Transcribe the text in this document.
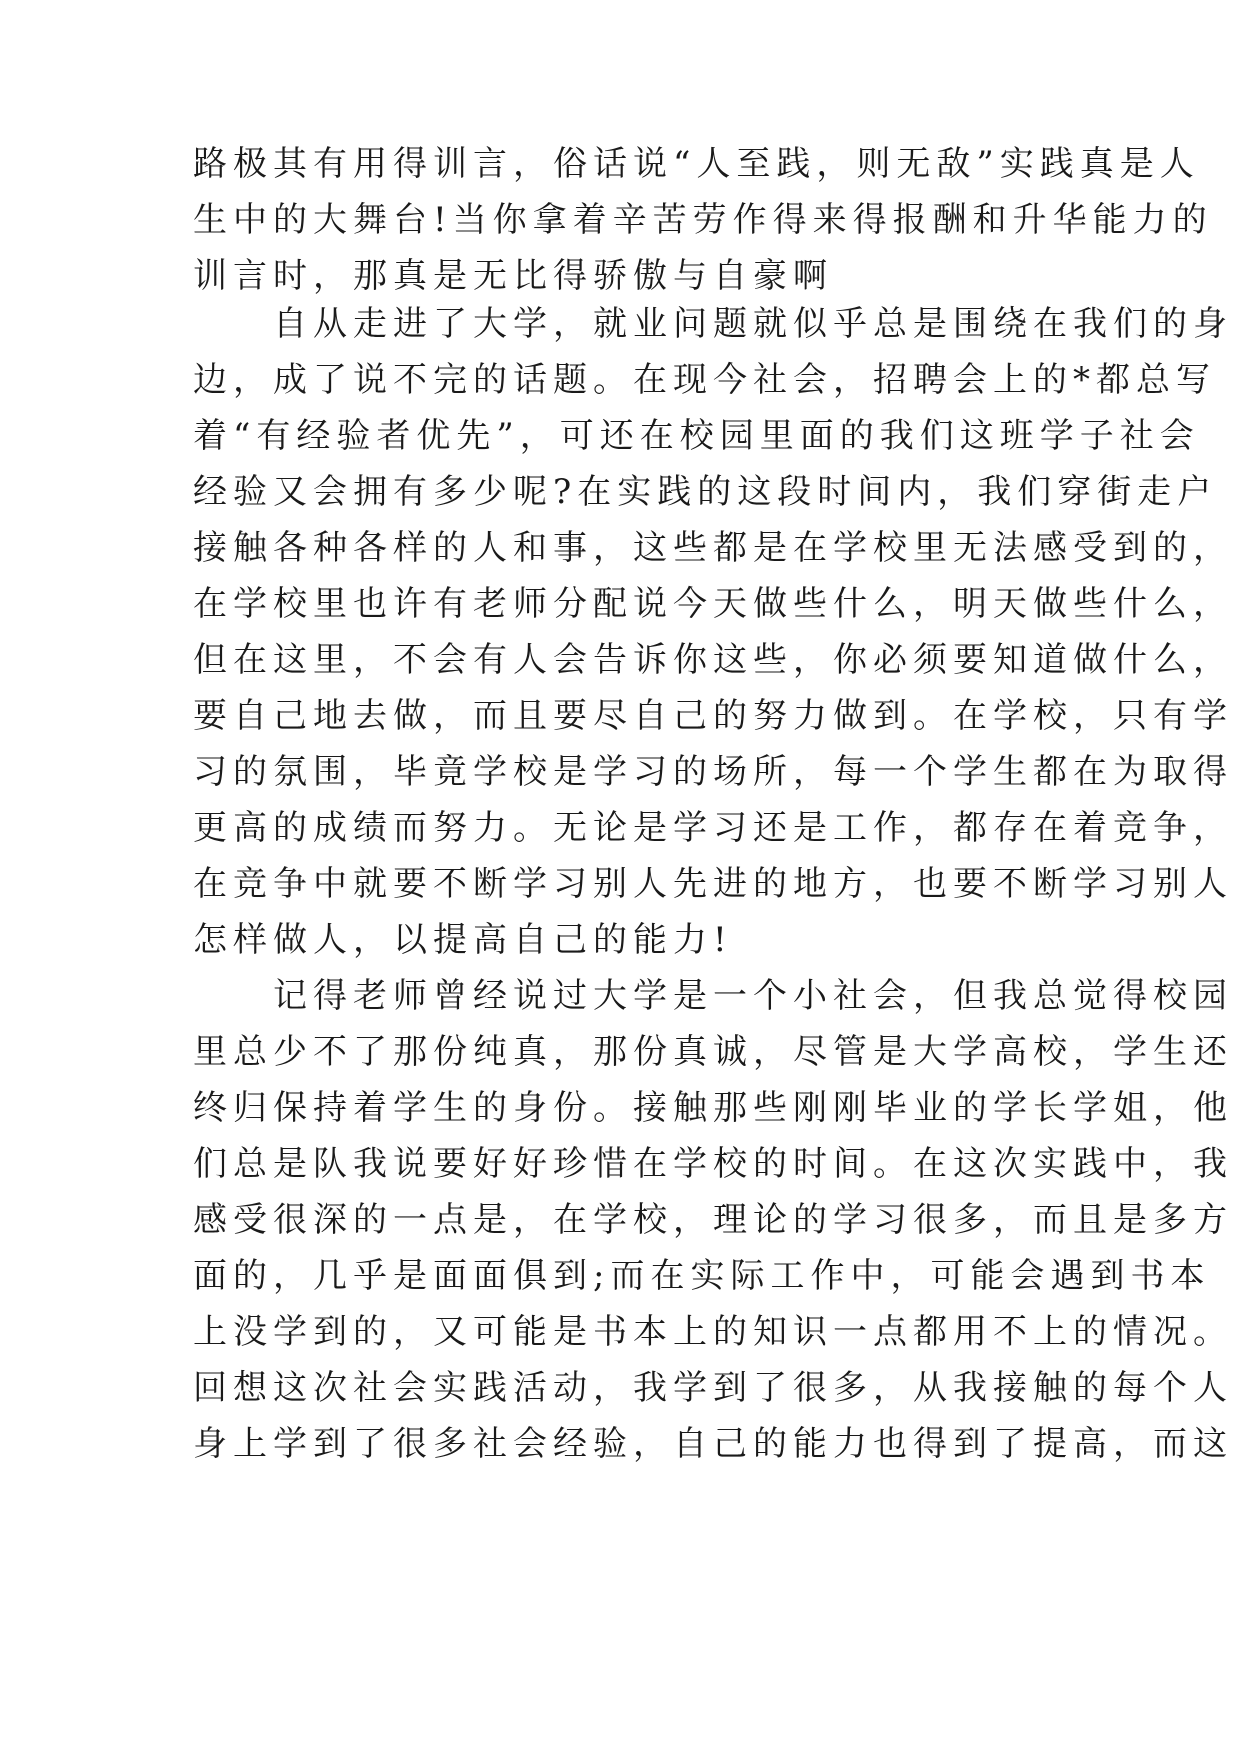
路极其有用得训言，俗话说“人至践，则无敌”实践真是人
生中的大舞台!当你拿着辛苦劳作得来得报酬和升华能力的
训言时，那真是无比得骄傲与自豪啊
自从走进了大学，就业问题就似乎总是围绕在我们的身
边，成了说不完的话题。在现今社会，招聘会上的*都总写
着“有经验者优先”，可还在校园里面的我们这班学子社会
经验又会拥有多少呢?在实践的这段时间内，我们穿街走户
接触各种各样的人和事，这些都是在学校里无法感受到的，
在学校里也许有老师分配说今天做些什么，明天做些什么，
但在这里，不会有人会告诉你这些，你必须要知道做什么，
要自己地去做，而且要尽自己的努力做到。在学校，只有学
习的氛围，毕竟学校是学习的场所，每一个学生都在为取得
更高的成绩而努力。无论是学习还是工作，都存在着竞争，
在竞争中就要不断学习别人先进的地方，也要不断学习别人
怎样做人，以提高自己的能力!
记得老师曾经说过大学是一个小社会，但我总觉得校园
里总少不了那份纯真，那份真诚，尽管是大学高校，学生还
终归保持着学生的身份。接触那些刚刚毕业的学长学姐，他
们总是队我说要好好珍惜在学校的时间。在这次实践中，我
感受很深的一点是，在学校，理论的学习很多，而且是多方
面的，几乎是面面俱到;而在实际工作中，可能会遇到书本
上没学到的，又可能是书本上的知识一点都用不上的情况。
回想这次社会实践活动，我学到了很多，从我接触的每个人
身上学到了很多社会经验，自己的能力也得到了提高，而这
